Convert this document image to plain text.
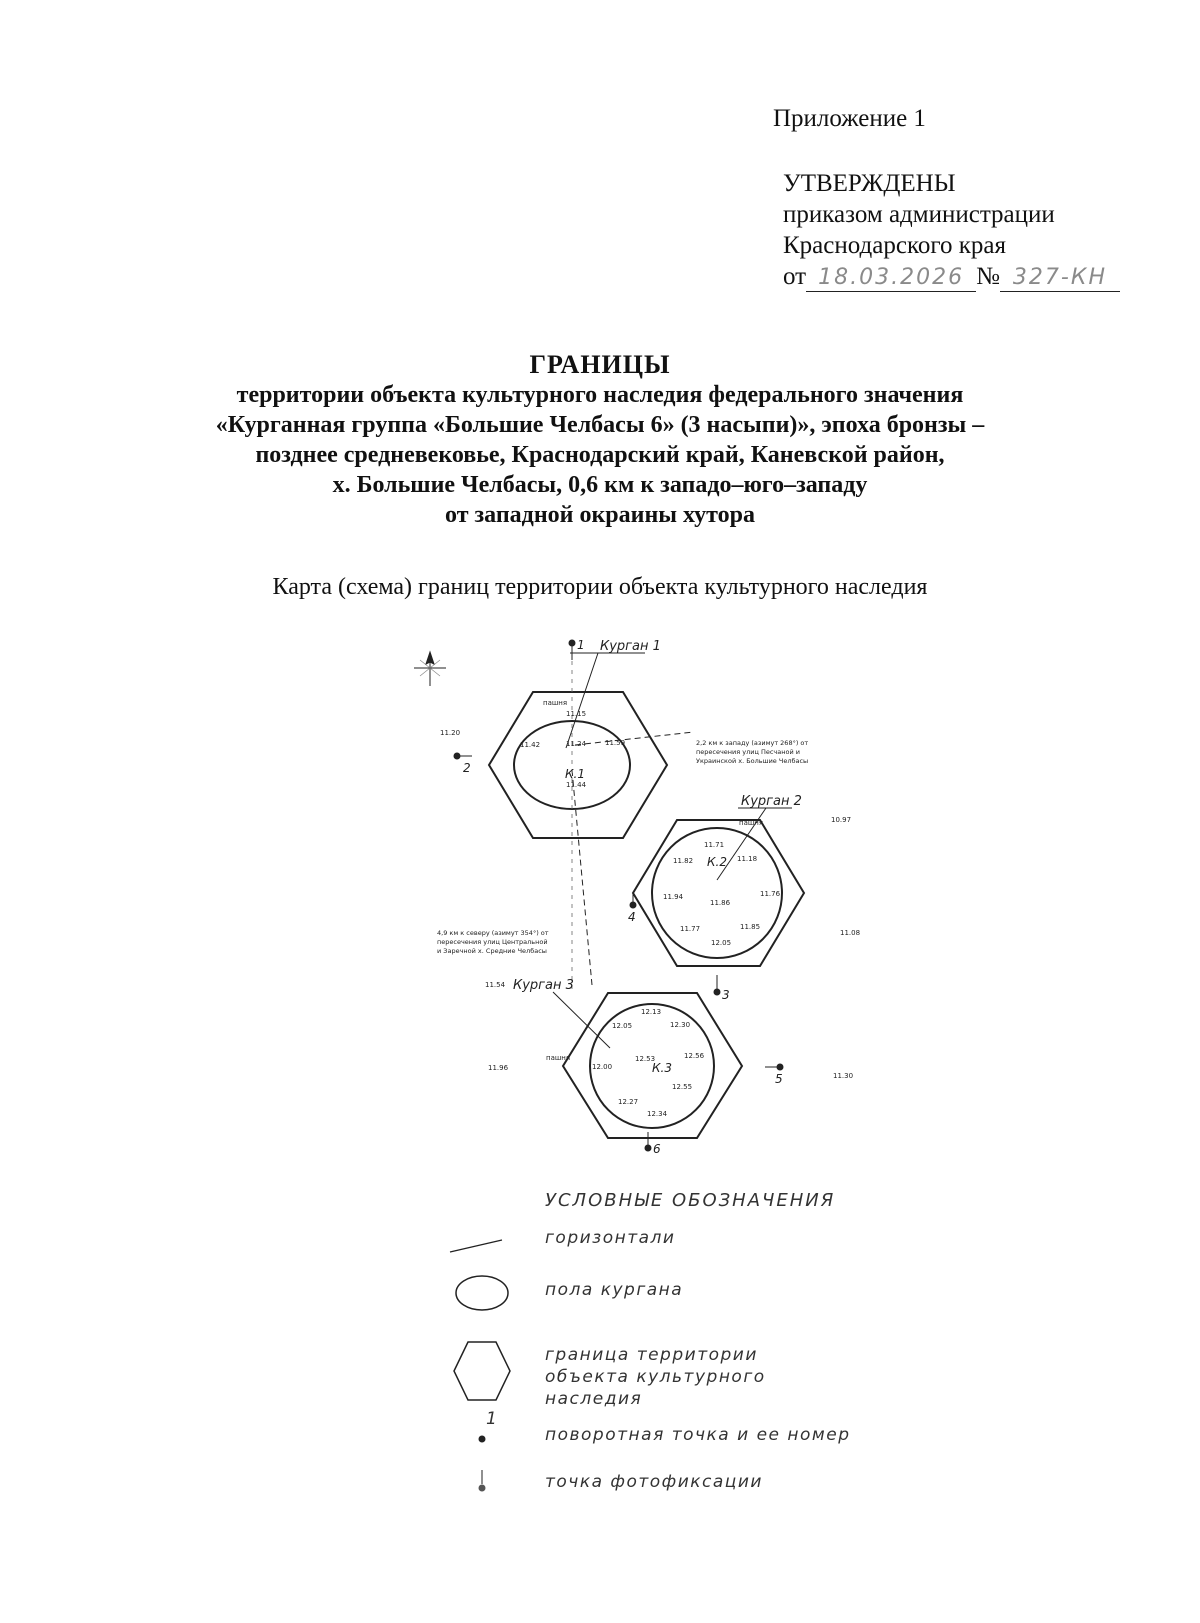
Приложение 1
УТВЕРЖДЕНЫ
приказом администрации
Краснодарского края
от 18.03.2026 № 327-КН
ГРАНИЦЫ
территории объекта культурного наследия федерального значения
«Курганная группа «Большие Челбасы 6» (3 насыпи)», эпоха бронзы –
позднее средневековье, Краснодарский край, Каневской район,
х. Большие Челбасы, 0,6 км к западо–юго–западу
от западной окраины хутора
Карта (схема) границ территории объекта культурного наследия
Курган 1
Курган 2
Курган 3
К.1
К.2
К.3
11.15
11.42	11.24	11.59
11.44
11.71
11.82	11.18
11.94	11.76
11.86
11.77	11.85
12.05
12.13
12.05	12.30
12.00
12.53	12.56
12.55
12.27
12.34
11.20
10.97
11.08
11.54
11.96
11.30
пашня
пашня
пашня
2,2 км к западу (азимут 268°) от
пересечения улиц Песчаной и
Украинской х. Большие Челбасы
4,9 км к северу (азимут 354°) от
пересечения улиц Центральной
и Заречной х. Средние Челбасы
1
2
3
4
5
6
УСЛОВНЫЕ ОБОЗНАЧЕНИЯ
горизонтали
пола кургана
граница территории
объекта культурного
наследия
1
поворотная точка и ее номер
точка фотофиксации
